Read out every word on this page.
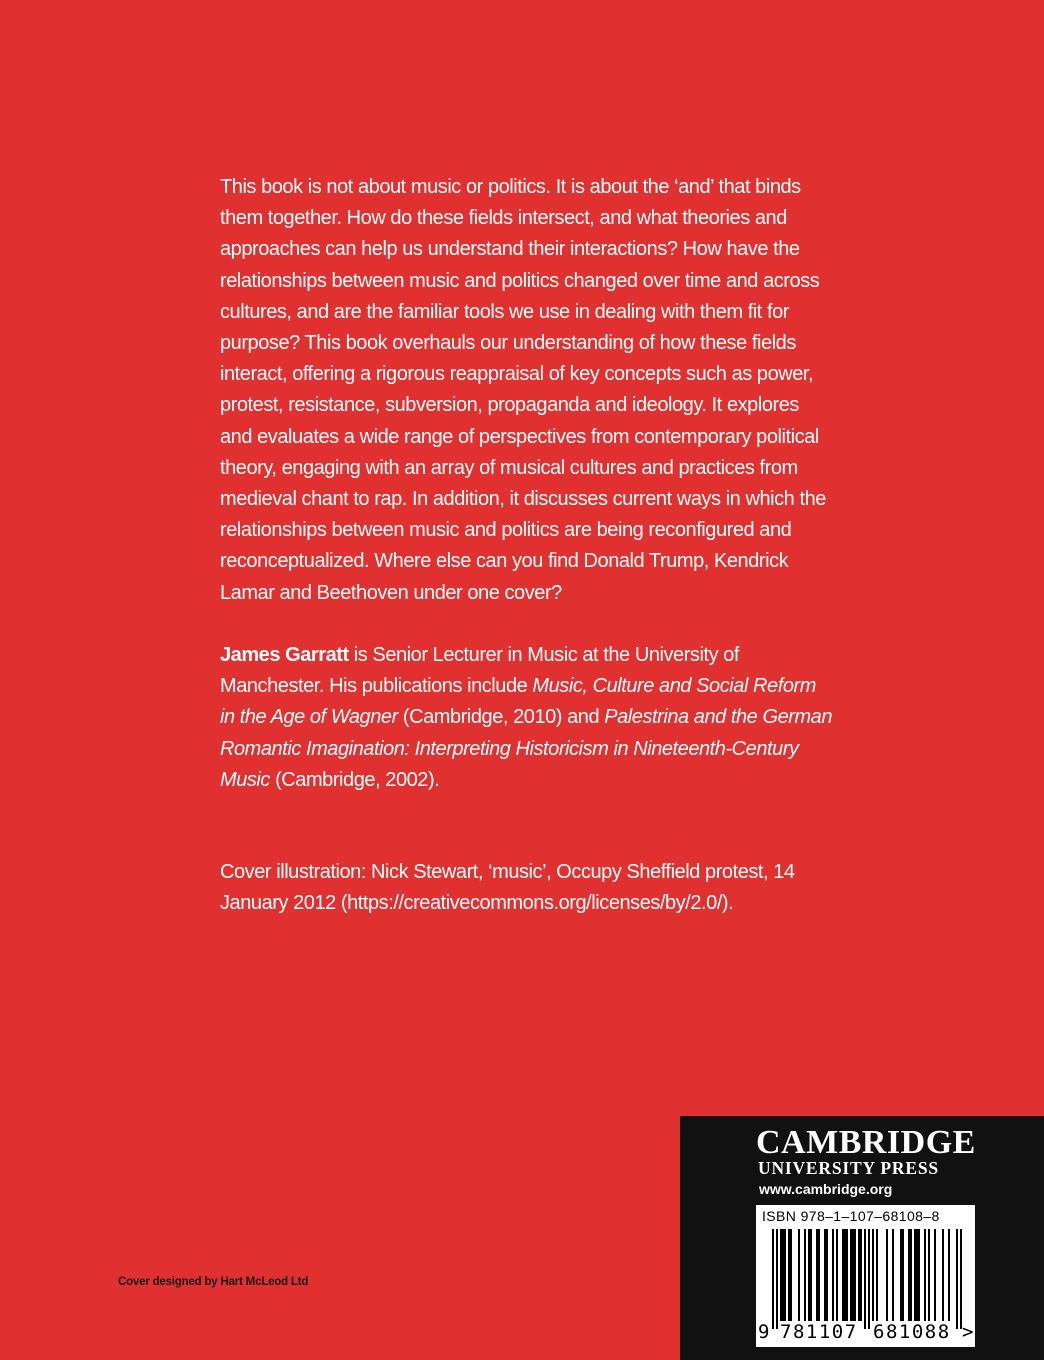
This book is not about music or politics. It is about the ‘and’ that binds them together. How do these fields intersect, and what theories and approaches can help us understand their interactions? How have the relationships between music and politics changed over time and across cultures, and are the familiar tools we use in dealing with them fit for purpose? This book overhauls our understanding of how these fields interact, offering a rigorous reappraisal of key concepts such as power, protest, resistance, subversion, propaganda and ideology. It explores and evaluates a wide range of perspectives from contemporary political theory, engaging with an array of musical cultures and practices from medieval chant to rap. In addition, it discusses current ways in which the relationships between music and politics are being reconfigured and reconceptualized. Where else can you find Donald Trump, Kendrick Lamar and Beethoven under one cover?

James Garratt is Senior Lecturer in Music at the University of Manchester. His publications include Music, Culture and Social Reform in the Age of Wagner (Cambridge, 2010) and Palestrina and the German Romantic Imagination: Interpreting Historicism in Nineteenth-Century Music (Cambridge, 2002).

Cover illustration: Nick Stewart, ‘music’, Occupy Sheffield protest, 14 January 2012 (https://creativecommons.org/licenses/by/2.0/).

Cover designed by Hart McLeod Ltd
CAMBRIDGE
UNIVERSITY PRESS
www.cambridge.org
ISBN 978–1–107–68108–8
9 781107 681088 >
